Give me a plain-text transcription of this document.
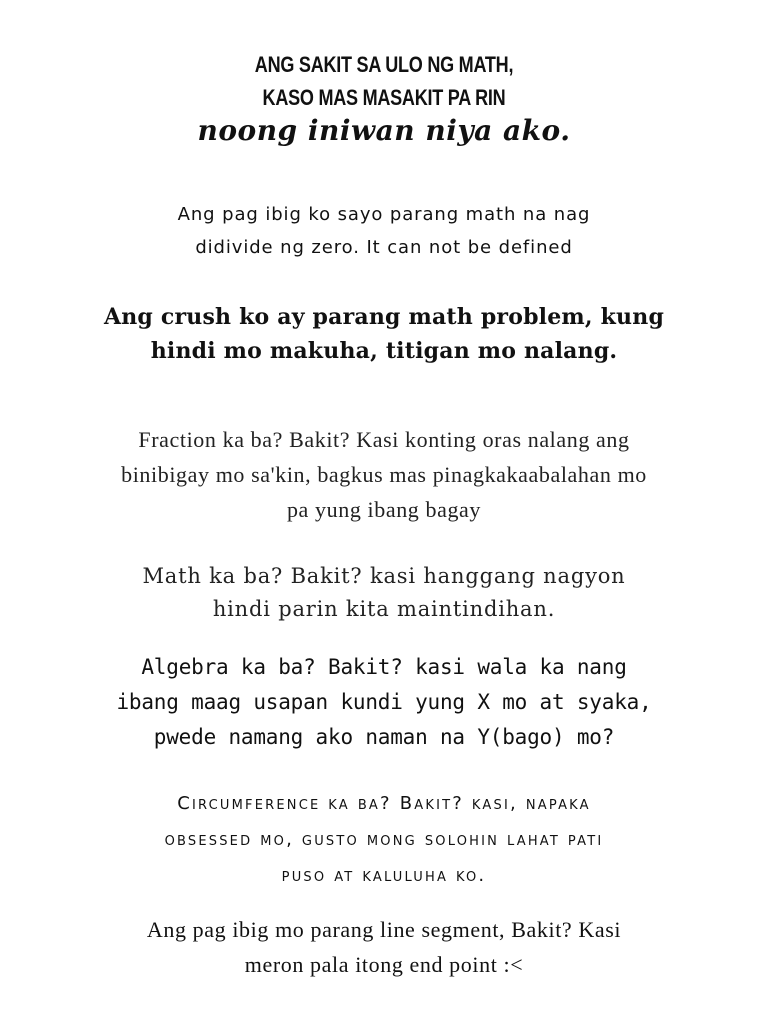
ANG SAKIT SA ULO NG MATH,
KASO MAS MASAKIT PA RIN
noong iniwan niya ako.
Ang pag ibig ko sayo parang math na nag
didivide ng zero. It can not be defined
Ang crush ko ay parang math problem, kung
hindi mo makuha, titigan mo nalang.
Fraction ka ba? Bakit? Kasi konting oras nalang ang
binibigay mo sa'kin, bagkus mas pinagkakaabalahan mo
pa yung ibang bagay
Math ka ba? Bakit? kasi hanggang nagyon
hindi parin kita maintindihan.
Algebra ka ba? Bakit? kasi wala ka nang
ibang maag usapan kundi yung X mo at syaka,
pwede namang ako naman na Y(bago) mo?
Circumference ka ba? Bakit? kasi, napaka
obsessed mo, gusto mong solohin lahat pati
puso at kaluluha ko.
Ang pag ibig mo parang line segment, Bakit? Kasi
meron pala itong end point :<
